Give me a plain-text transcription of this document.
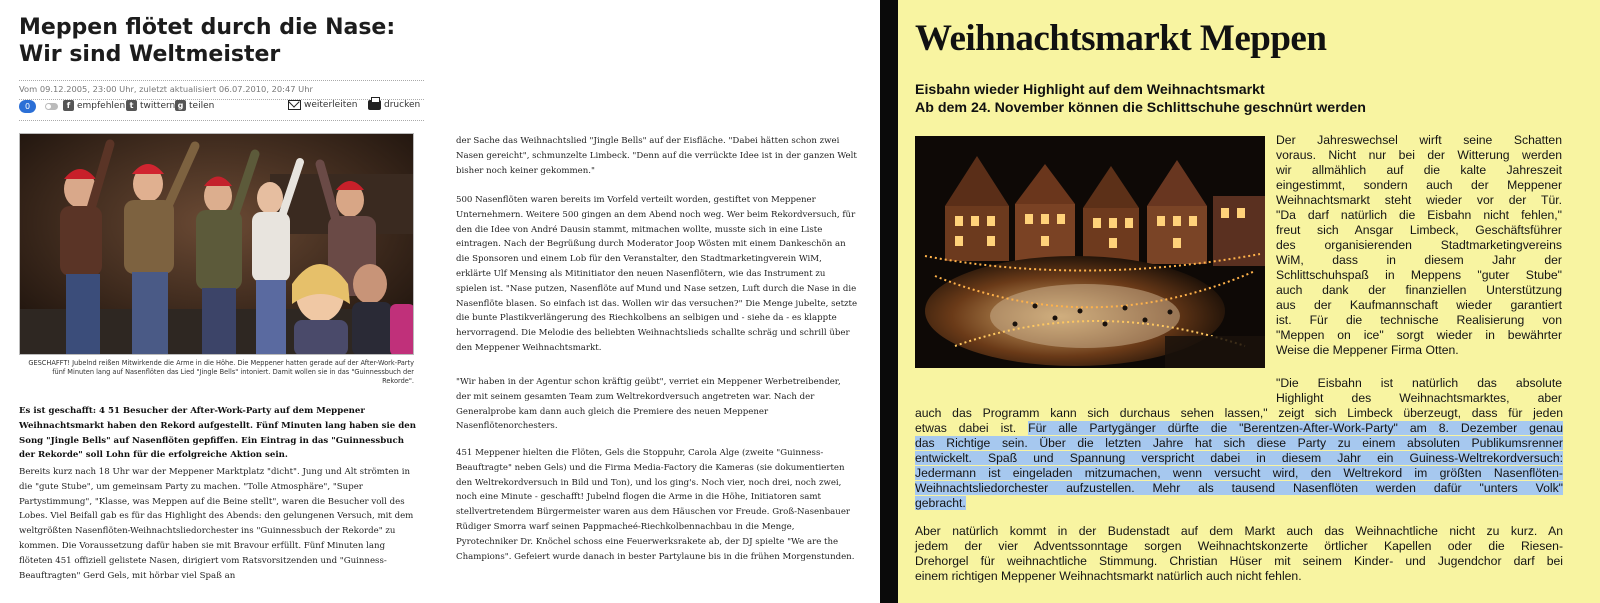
Meppen flötet durch die Nase: Wir sind Weltmeister
Vom 09.12.2005, 23:00 Uhr, zuletzt aktualisiert 06.07.2010, 20:47 Uhr
0	f empfehlen t twittern g teilen	weiterleiten	drucken
GESCHAFFT! Jubelnd reißen Mitwirkende die Arme in die Höhe. Die Meppener hatten gerade auf der After-Work-Party fünf Minuten lang auf Nasenflöten das Lied "Jingle Bells" intoniert. Damit wollen sie in das "Guinnessbuch der Rekorde".

Es ist geschafft: 4 51 Besucher der After-Work-Party auf dem Meppener Weihnachtsmarkt haben den Rekord aufgestellt. Fünf Minuten lang haben sie den Song "Jingle Bells" auf Nasenflöten gepfiffen. Ein Eintrag in das "Guinnessbuch der Rekorde" soll Lohn für die erfolgreiche Aktion sein.

Bereits kurz nach 18 Uhr war der Meppener Marktplatz "dicht". Jung und Alt strömten in die "gute Stube", um gemeinsam Party zu machen. "Tolle Atmosphäre", "Super Partystimmung", "Klasse, was Meppen auf die Beine stellt", waren die Besucher voll des Lobes. Viel Beifall gab es für das Highlight des Abends: den gelungenen Versuch, mit dem weltgrößten Nasenflöten-Weihnachtsliedorchester ins "Guinnessbuch der Rekorde" zu kommen. Die Voraussetzung dafür haben sie mit Bravour erfüllt. Fünf Minuten lang flöteten 451 offiziell gelistete Nasen, dirigiert vom Ratsvorsitzenden und "Guinness-Beauftragten" Gerd Gels, mit hörbar viel Spaß an

der Sache das Weihnachtslied "Jingle Bells" auf der Eisfläche. "Dabei hätten schon zwei Nasen gereicht", schmunzelte Limbeck. "Denn auf die verrückte Idee ist in der ganzen Welt bisher noch keiner gekommen."

500 Nasenflöten waren bereits im Vorfeld verteilt worden, gestiftet von Meppener Unternehmern. Weitere 500 gingen an dem Abend noch weg. Wer beim Rekordversuch, für den die Idee von André Dausin stammt, mitmachen wollte, musste sich in eine Liste eintragen. Nach der Begrüßung durch Moderator Joop Wösten mit einem Dankeschön an die Sponsoren und einem Lob für den Veranstalter, den Stadtmarketingverein WiM, erklärte Ulf Mensing als Mitinitiator den neuen Nasenflötern, wie das Instrument zu spielen ist. "Nase putzen, Nasenflöte auf Mund und Nase setzen, Luft durch die Nase in die Nasenflöte blasen. So einfach ist das. Wollen wir das versuchen?" Die Menge jubelte, setzte die bunte Plastikverlängerung des Riechkolbens an selbigen und - siehe da - es klappte hervorragend. Die Melodie des beliebten Weihnachtslieds schallte schräg und schrill über den Meppener Weihnachtsmarkt.

"Wir haben in der Agentur schon kräftig geübt", verriet ein Meppener Werbetreibender, der mit seinem gesamten Team zum Weltrekordversuch angetreten war. Nach der Generalprobe kam dann auch gleich die Premiere des neuen Meppener Nasenflötenorchesters.

451 Meppener hielten die Flöten, Gels die Stoppuhr, Carola Alge (zweite "Guinness-Beauftragte" neben Gels) und die Firma Media-Factory die Kameras (sie dokumentierten den Weltrekordversuch in Bild und Ton), und los ging's. Noch vier, noch drei, noch zwei, noch eine Minute - geschafft! Jubelnd flogen die Arme in die Höhe, Initiatoren samt stellvertretendem Bürgermeister waren aus dem Häuschen vor Freude. Groß-Nasenbauer Rüdiger Smorra warf seinen Pappmacheé-Riechkolbennachbau in die Menge, Pyrotechniker Dr. Knöchel schoss eine Feuerwerksrakete ab, der DJ spielte "We are the Champions". Gefeiert wurde danach in bester Partylaune bis in die frühen Morgenstunden.

Weihnachtsmarkt Meppen
Eisbahn wieder Highlight auf dem Weihnachtsmarkt
Ab dem 24. November können die Schlittschuhe geschnürt werden
Der Jahreswechsel wirft seine Schatten
voraus. Nicht nur bei der Witterung werden
wir allmählich auf die kalte Jahreszeit
eingestimmt, sondern auch der Meppener
Weihnachtsmarkt steht wieder vor der Tür.
"Da darf natürlich die Eisbahn nicht fehlen,"
freut sich Ansgar Limbeck, Geschäftsführer
des organisierenden Stadtmarketingvereins
WiM, dass in diesem Jahr der
Schlittschuhspaß in Meppens "guter Stube"
auch dank der finanziellen Unterstützung
aus der Kaufmannschaft wieder garantiert
ist. Für die technische Realisierung von
"Meppen on ice" sorgt wieder in bewährter
Weise die Meppener Firma Otten.
"Die Eisbahn ist natürlich das absolute
Highlight des Weihnachtsmarktes, aber
auch das Programm kann sich durchaus sehen lassen," zeigt sich Limbeck überzeugt, dass für jeden
etwas dabei ist. Für alle Partygänger dürfte die "Berentzen-After-Work-Party" am 8. Dezember genau
das Richtige sein. Über die letzten Jahre hat sich diese Party zu einem absoluten Publikumsrenner
entwickelt. Spaß und Spannung verspricht dabei in diesem Jahr ein Guiness-Weltrekordversuch:
Jedermann ist eingeladen mitzumachen, wenn versucht wird, den Weltrekord im größten Nasenflöten-
Weihnachtsliedorchester aufzustellen. Mehr als tausend Nasenflöten werden dafür "unters Volk"
gebracht.
Aber natürlich kommt in der Budenstadt auf dem Markt auch das Weihnachtliche nicht zu kurz. An
jedem der vier Adventssonntage sorgen Weihnachtskonzerte örtlicher Kapellen oder die Riesen-
Drehorgel für weihnachtliche Stimmung. Christian Hüser mit seinem Kinder- und Jugendchor darf bei
einem richtigen Meppener Weihnachtsmarkt natürlich auch nicht fehlen.
